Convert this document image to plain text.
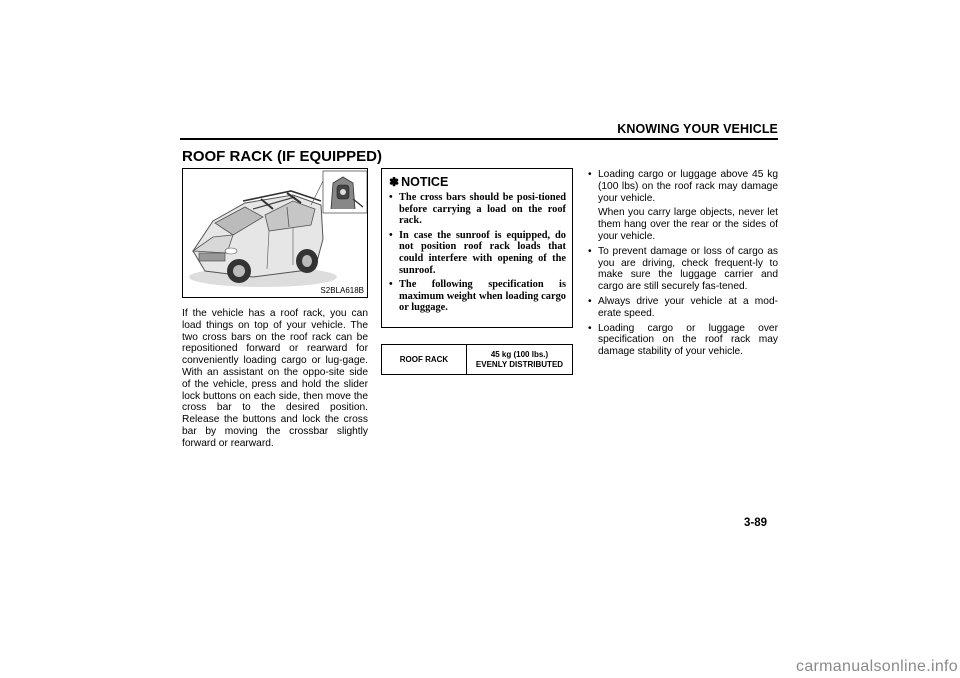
KNOWING YOUR VEHICLE
ROOF RACK (IF EQUIPPED)
S2BLA618B
If the vehicle has a roof rack, you can load things on top of your vehicle. The two cross bars on the roof rack can be repositioned forward or rearward for conveniently loading cargo or lug-gage. With an assistant on the oppo-site side of the vehicle, press and hold the slider lock buttons on each side, then move the cross bar to the desired position. Release the buttons and lock the cross bar by moving the crossbar slightly forward or rearward.
✽ NOTICE
• The cross bars should be posi-tioned before carrying a load on the roof rack.
• In case the sunroof is equipped, do not position roof rack loads that could interfere with opening of the sunroof.
• The following specification is maximum weight when loading cargo or luggage.
ROOF RACK
45 kg (100 lbs.)
EVENLY DISTRIBUTED
• Loading cargo or luggage above 45 kg (100 lbs) on the roof rack may damage your vehicle.
When you carry large objects, never let them hang over the rear or the sides of your vehicle.
• To prevent damage or loss of cargo as you are driving, check frequent-ly to make sure the luggage carrier and cargo are still securely fas-tened.
• Always drive your vehicle at a mod-erate speed.
• Loading cargo or luggage over specification on the roof rack may damage stability of your vehicle.
3-89
carmanualsonline.info
